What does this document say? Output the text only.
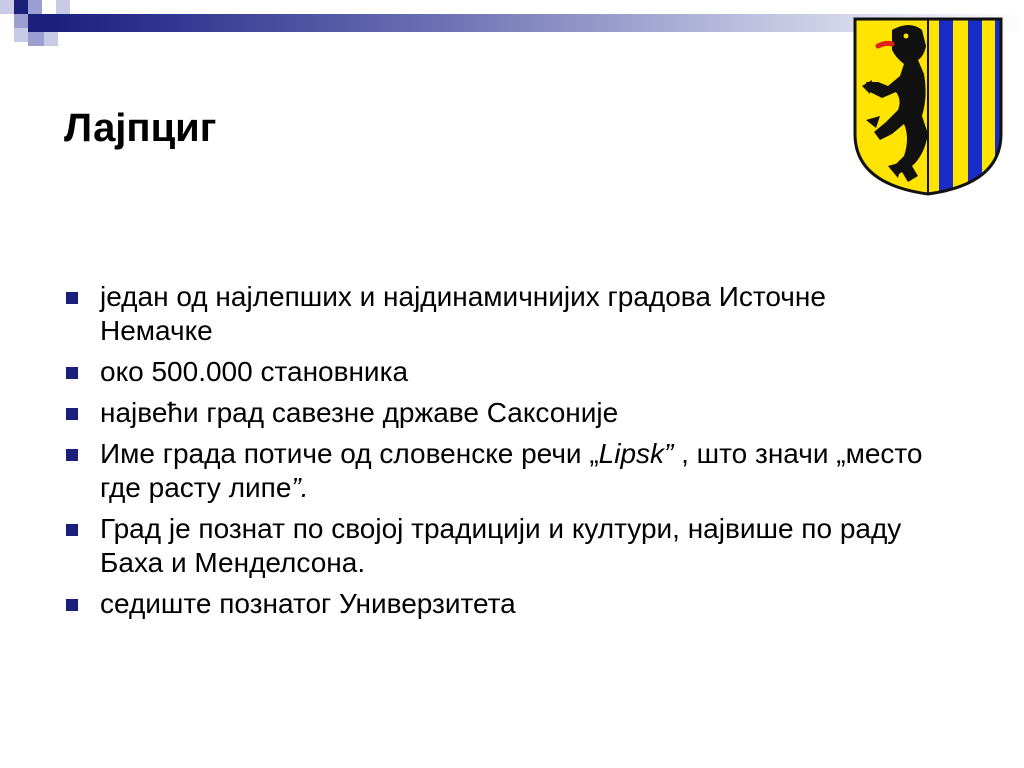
Лајпциг
један од најлепших и најдинамичнијих градова Источне Немачке
око 500.000 становника
највећи град савезне државе Саксоније
Име града потиче од словенске речи „Lipsk” , што значи „место где расту липе”.
Град је познат по својој традицији и култури, највише по раду Баха и Менделсона.
седиште познатог Универзитета
